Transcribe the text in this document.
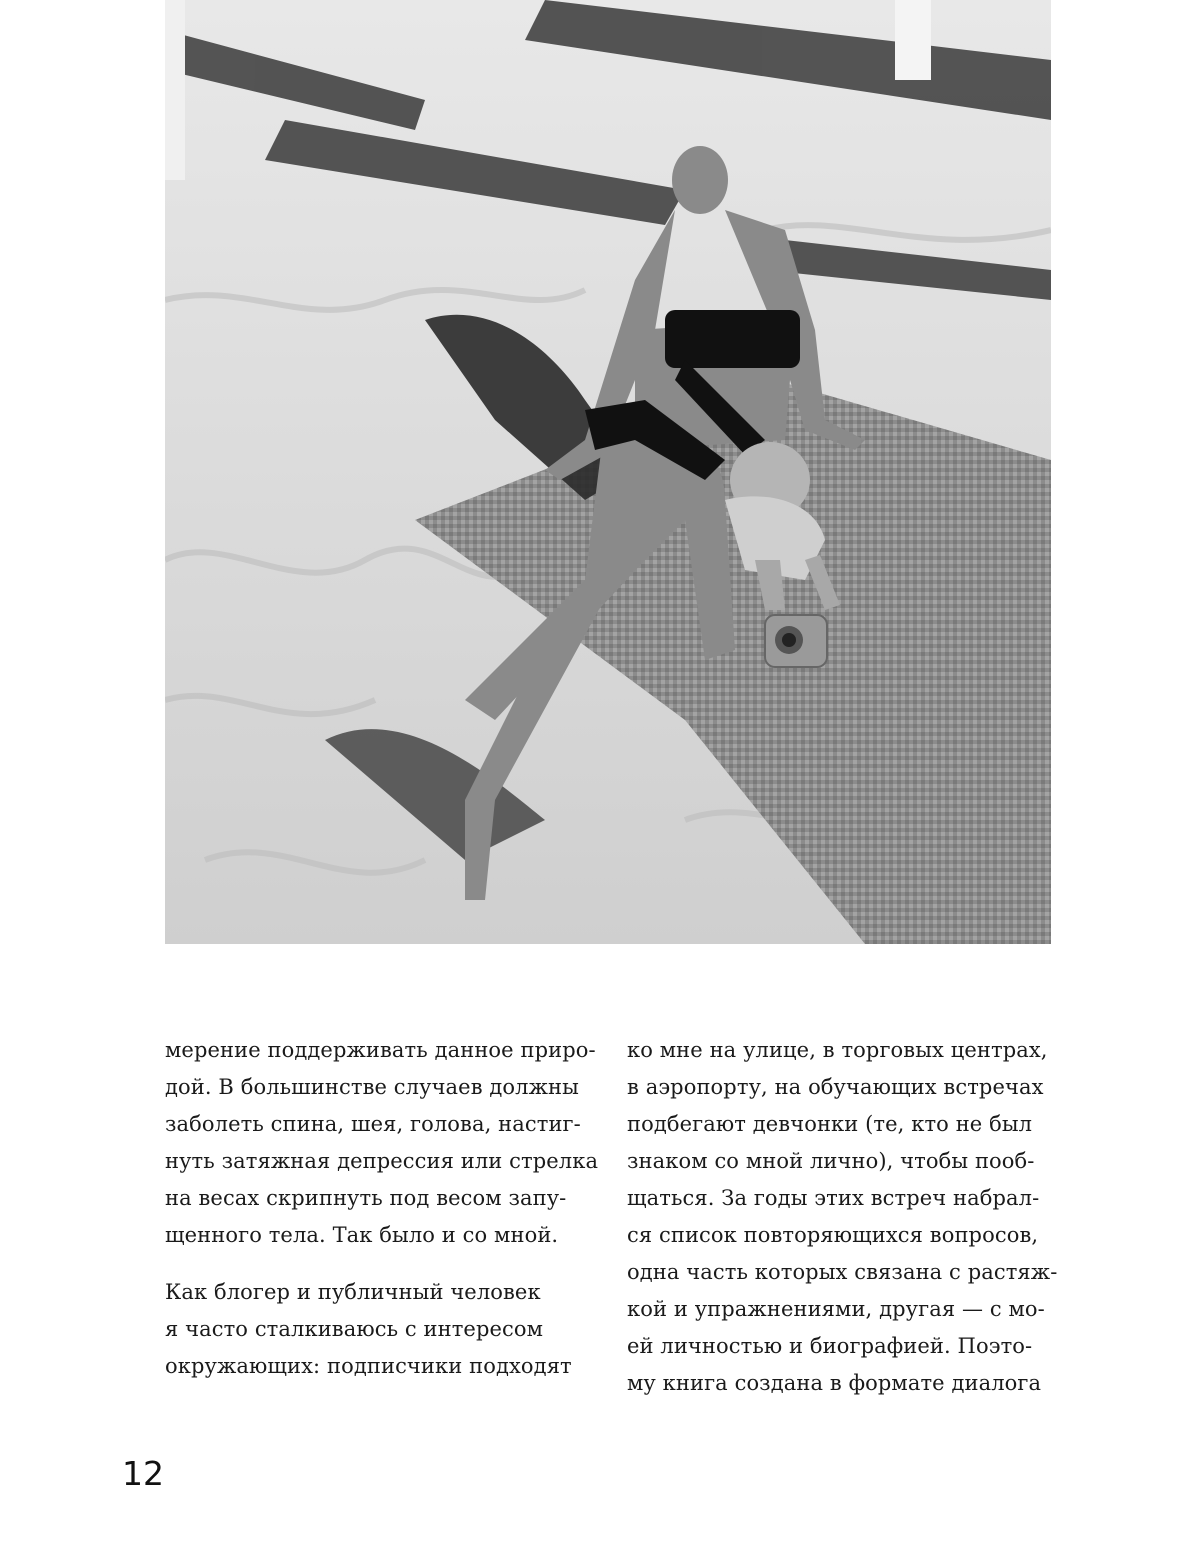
мерение поддерживать данное приро-
дой. В большинстве случаев должны
заболеть спина, шея, голова, настиг-
нуть затяжная депрессия или стрелка
на весах скрипнуть под весом запу-
щенного тела. Так было и со мной.
Как блогер и публичный человек
я часто сталкиваюсь с интересом
окружающих: подписчики подходят
ко мне на улице, в торговых центрах,
в аэропорту, на обучающих встречах
подбегают девчонки (те, кто не был
знаком со мной лично), чтобы пооб-
щаться. За годы этих встреч набрал-
ся список повторяющихся вопросов,
одна часть которых связана с растяж-
кой и упражнениями, другая — с мо-
ей личностью и биографией. Поэто-
му книга создана в формате диалога
12
